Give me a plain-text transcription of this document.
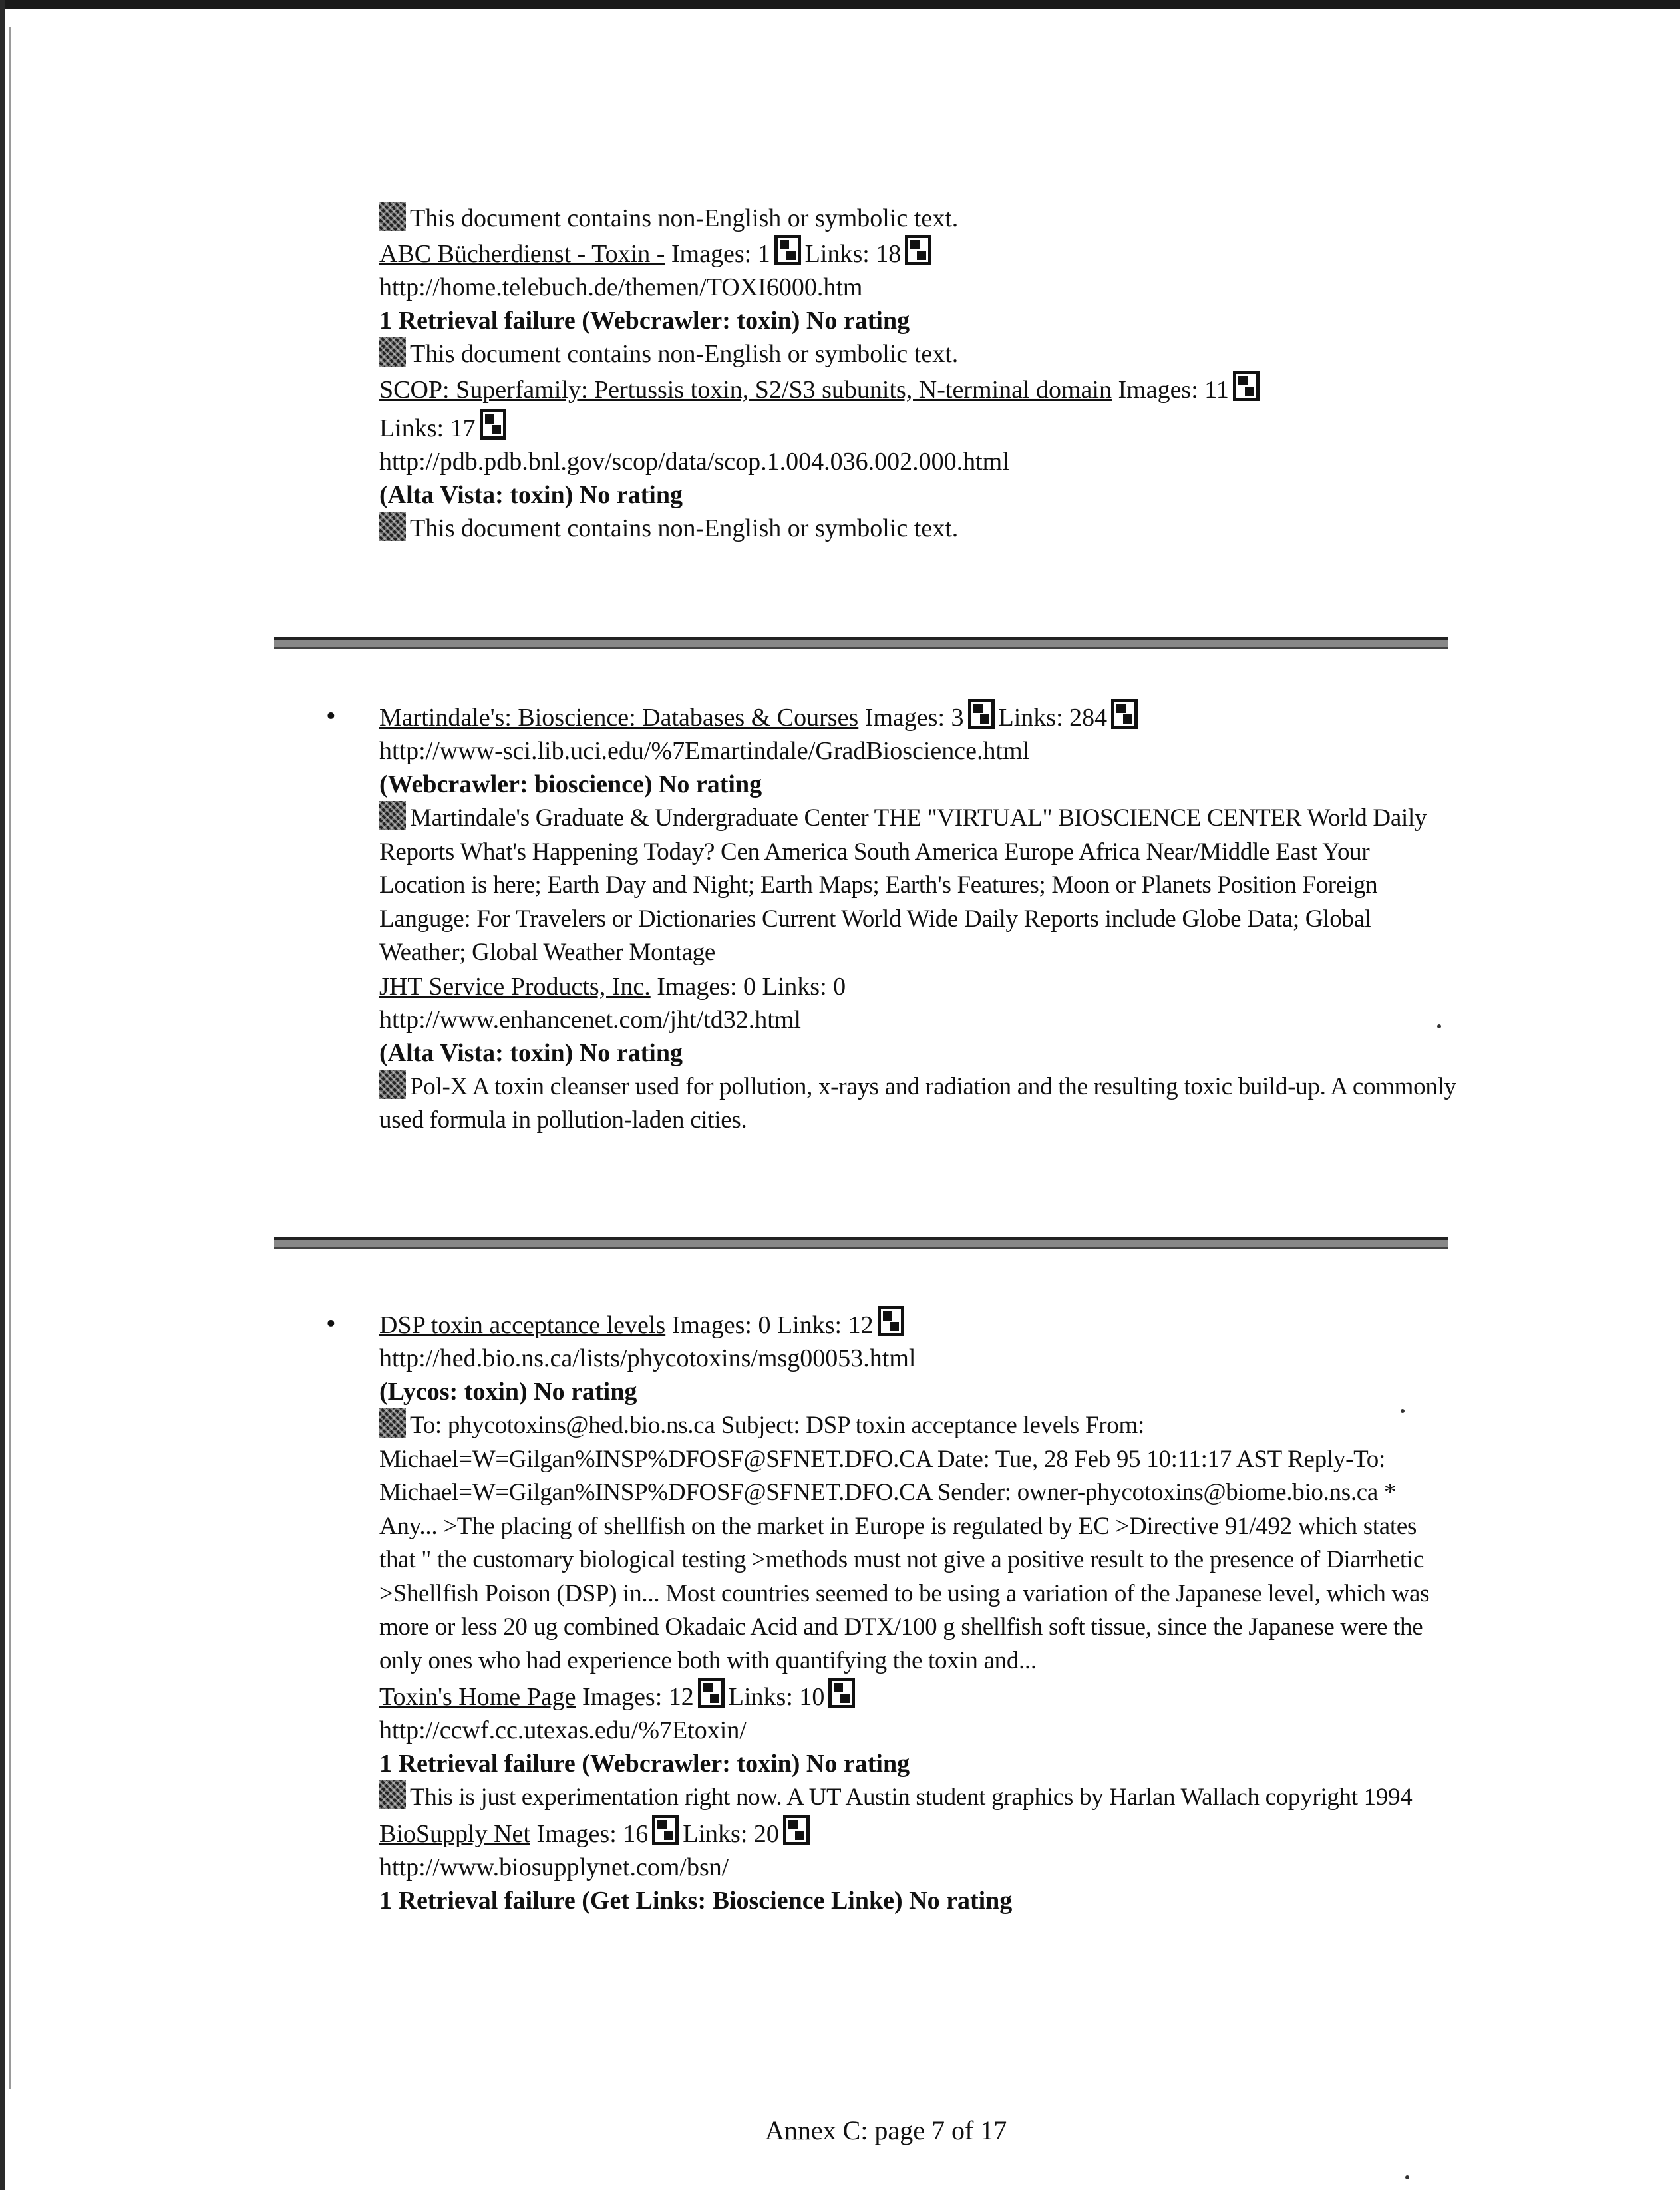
This document contains non-English or symbolic text.
ABC Bücherdienst - Toxin - Images: 1 Links: 18
http://home.telebuch.de/themen/TOXI6000.htm
1 Retrieval failure (Webcrawler: toxin) No rating
This document contains non-English or symbolic text.
SCOP: Superfamily: Pertussis toxin, S2/S3 subunits, N-terminal domain Images: 11
Links: 17
http://pdb.pdb.bnl.gov/scop/data/scop.1.004.036.002.000.html
(Alta Vista: toxin) No rating
This document contains non-English or symbolic text.
• Martindale's: Bioscience: Databases & Courses Images: 3 Links: 284
http://www-sci.lib.uci.edu/%7Emartindale/GradBioscience.html
(Webcrawler: bioscience) No rating
Martindale's Graduate & Undergraduate Center THE "VIRTUAL" BIOSCIENCE CENTER World Daily Reports What's Happening Today? Cen America South America Europe Africa Near/Middle East Your Location is here; Earth Day and Night; Earth Maps; Earth's Features; Moon or Planets Position Foreign Languge: For Travelers or Dictionaries Current World Wide Daily Reports include Globe Data; Global Weather; Global Weather Montage
JHT Service Products, Inc. Images: 0 Links: 0
http://www.enhancenet.com/jht/td32.html
(Alta Vista: toxin) No rating
Pol-X A toxin cleanser used for pollution, x-rays and radiation and the resulting toxic build-up. A commonly used formula in pollution-laden cities.
• DSP toxin acceptance levels Images: 0 Links: 12
http://hed.bio.ns.ca/lists/phycotoxins/msg00053.html
(Lycos: toxin) No rating
To: phycotoxins@hed.bio.ns.ca Subject: DSP toxin acceptance levels From: Michael=W=Gilgan%INSP%DFOSF@SFNET.DFO.CA Date: Tue, 28 Feb 95 10:11:17 AST Reply-To: Michael=W=Gilgan%INSP%DFOSF@SFNET.DFO.CA Sender: owner-phycotoxins@biome.bio.ns.ca * Any... >The placing of shellfish on the market in Europe is regulated by EC >Directive 91/492 which states that " the customary biological testing >methods must not give a positive result to the presence of Diarrhetic >Shellfish Poison (DSP) in... Most countries seemed to be using a variation of the Japanese level, which was more or less 20 ug combined Okadaic Acid and DTX/100 g shellfish soft tissue, since the Japanese were the only ones who had experience both with quantifying the toxin and...
Toxin's Home Page Images: 12 Links: 10
http://ccwf.cc.utexas.edu/%7Etoxin/
1 Retrieval failure (Webcrawler: toxin) No rating
This is just experimentation right now. A UT Austin student graphics by Harlan Wallach copyright 1994
BioSupply Net Images: 16 Links: 20
http://www.biosupplynet.com/bsn/
1 Retrieval failure (Get Links: Bioscience Linke) No rating
Annex C: page 7 of 17
